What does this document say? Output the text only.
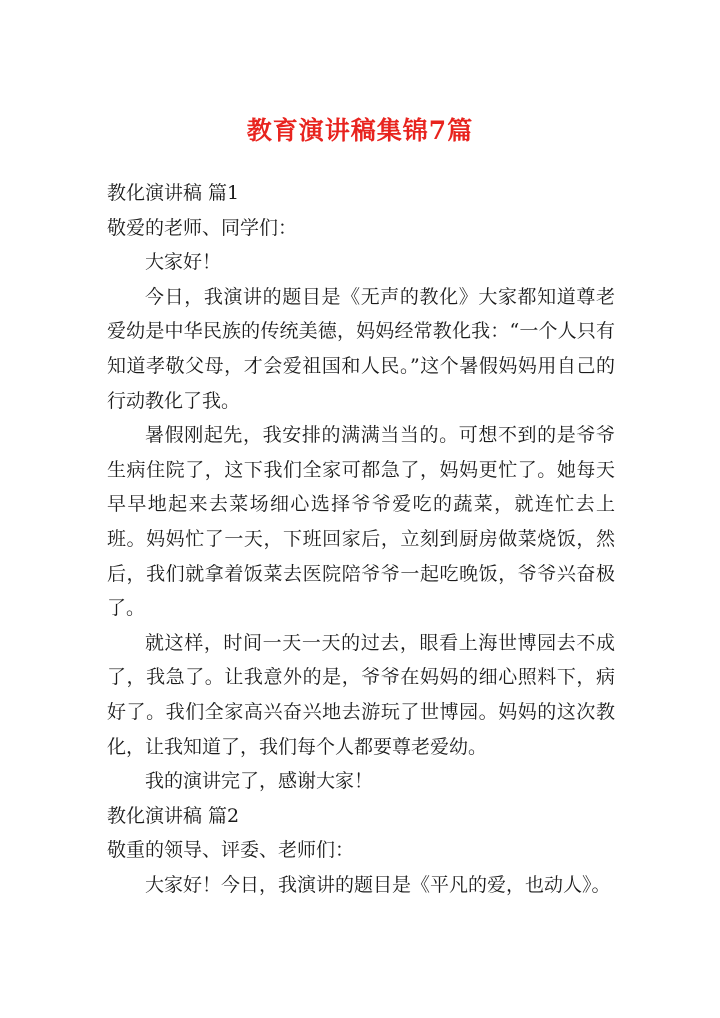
教育演讲稿集锦7篇

教化演讲稿 篇1

敬爱的老师、同学们：

大家好！

今日，我演讲的题目是《无声的教化》大家都知道尊老爱幼是中华民族的传统美德，妈妈经常教化我：“一个人只有知道孝敬父母，才会爱祖国和人民。”这个暑假妈妈用自己的行动教化了我。

暑假刚起先，我安排的满满当当的。可想不到的是爷爷生病住院了，这下我们全家可都急了，妈妈更忙了。她每天早早地起来去菜场细心选择爷爷爱吃的蔬菜，就连忙去上班。妈妈忙了一天，下班回家后，立刻到厨房做菜烧饭，然后，我们就拿着饭菜去医院陪爷爷一起吃晚饭，爷爷兴奋极了。

就这样，时间一天一天的过去，眼看上海世博园去不成了，我急了。让我意外的是，爷爷在妈妈的细心照料下，病好了。我们全家高兴奋兴地去游玩了世博园。妈妈的这次教化，让我知道了，我们每个人都要尊老爱幼。

我的演讲完了，感谢大家！

教化演讲稿 篇2

敬重的领导、评委、老师们：

大家好！今日，我演讲的题目是《平凡的爱，也动人》。
